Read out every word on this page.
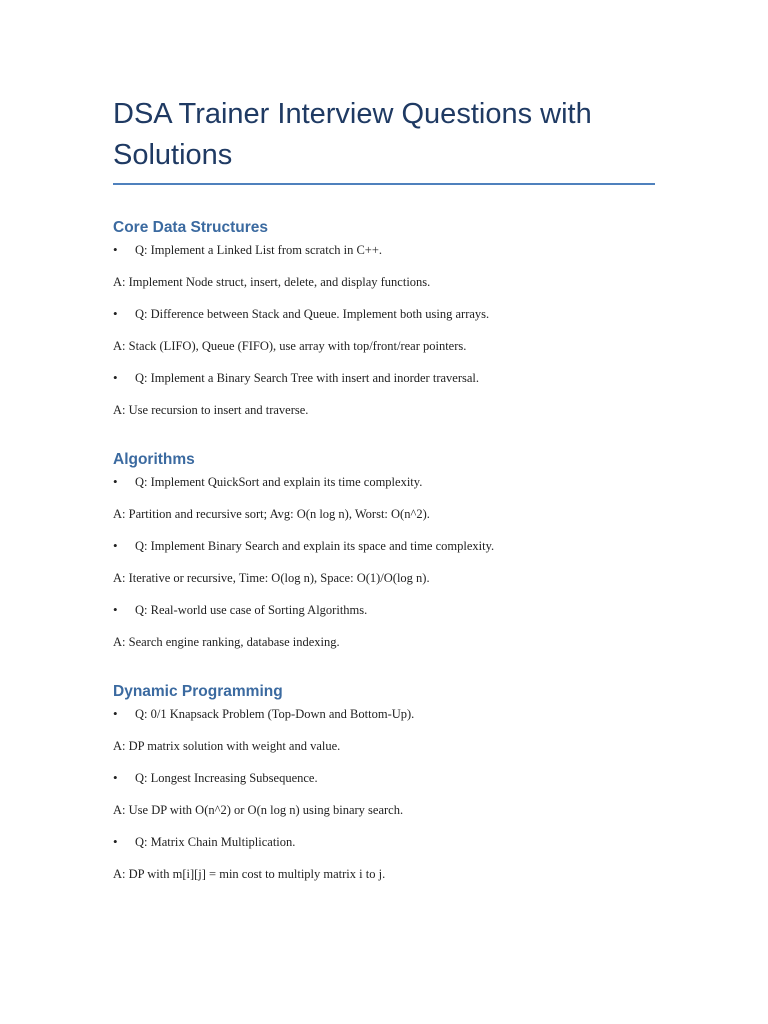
DSA Trainer Interview Questions with Solutions
Core Data Structures
• Q: Implement a Linked List from scratch in C++.
A: Implement Node struct, insert, delete, and display functions.
• Q: Difference between Stack and Queue. Implement both using arrays.
A: Stack (LIFO), Queue (FIFO), use array with top/front/rear pointers.
• Q: Implement a Binary Search Tree with insert and inorder traversal.
A: Use recursion to insert and traverse.
Algorithms
• Q: Implement QuickSort and explain its time complexity.
A: Partition and recursive sort; Avg: O(n log n), Worst: O(n^2).
• Q: Implement Binary Search and explain its space and time complexity.
A: Iterative or recursive, Time: O(log n), Space: O(1)/O(log n).
• Q: Real-world use case of Sorting Algorithms.
A: Search engine ranking, database indexing.
Dynamic Programming
• Q: 0/1 Knapsack Problem (Top-Down and Bottom-Up).
A: DP matrix solution with weight and value.
• Q: Longest Increasing Subsequence.
A: Use DP with O(n^2) or O(n log n) using binary search.
• Q: Matrix Chain Multiplication.
A: DP with m[i][j] = min cost to multiply matrix i to j.
